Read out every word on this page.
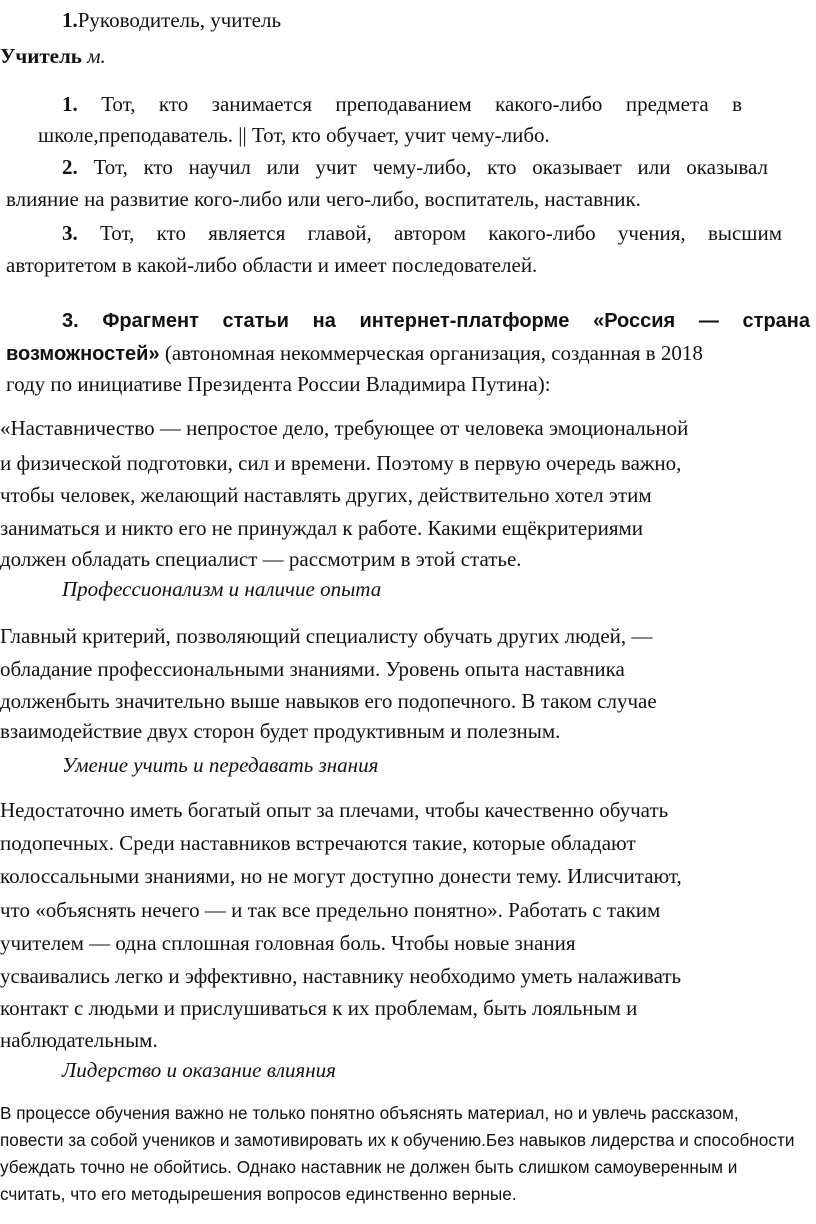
1.Руководитель, учитель
Учитель м.
1. Тот, кто занимается преподаванием какого-либо предмета в
школе,преподаватель. || Тот, кто обучает, учит чему-либо.
2. Тот, кто научил или учит чему-либо, кто оказывает или оказывал
влияние на развитие кого-либо или чего-либо, воспитатель, наставник.
3. Тот, кто является главой, автором какого-либо учения, высшим
авторитетом в какой-либо области и имеет последователей.
3. Фрагмент статьи на интернет-платформе «Россия — страна
возможностей» (автономная некоммерческая организация, созданная в 2018
году по инициативе Президента России Владимира Путина):
«Наставничество — непростое дело, требующее от человека эмоциональной
и физической подготовки, сил и времени. Поэтому в первую очередь важно,
чтобы человек, желающий наставлять других, действительно хотел этим
заниматься и никто его не принуждал к работе. Какими ещёкритериями
должен обладать специалист — рассмотрим в этой статье.
Профессионализм и наличие опыта
Главный критерий, позволяющий специалисту обучать других людей, —
обладание профессиональными знаниями. Уровень опыта наставника
долженбыть значительно выше навыков его подопечного. В таком случае
взаимодействие двух сторон будет продуктивным и полезным.
Умение учить и передавать знания
Недостаточно иметь богатый опыт за плечами, чтобы качественно обучать
подопечных. Среди наставников встречаются такие, которые обладают
колоссальными знаниями, но не могут доступно донести тему. Илисчитают,
что «объяснять нечего — и так все предельно понятно». Работать с таким
учителем — одна сплошная головная боль. Чтобы новые знания
усваивались легко и эффективно, наставнику необходимо уметь налаживать
контакт с людьми и прислушиваться к их проблемам, быть лояльным и
наблюдательным.
Лидерство и оказание влияния
В процессе обучения важно не только понятно объяснять материал, но и увлечь рассказом,
повести за собой учеников и замотивировать их к обучению.Без навыков лидерства и способности
убеждать точно не обойтись. Однако наставник не должен быть слишком самоуверенным и
считать, что его методырешения вопросов единственно верные.
